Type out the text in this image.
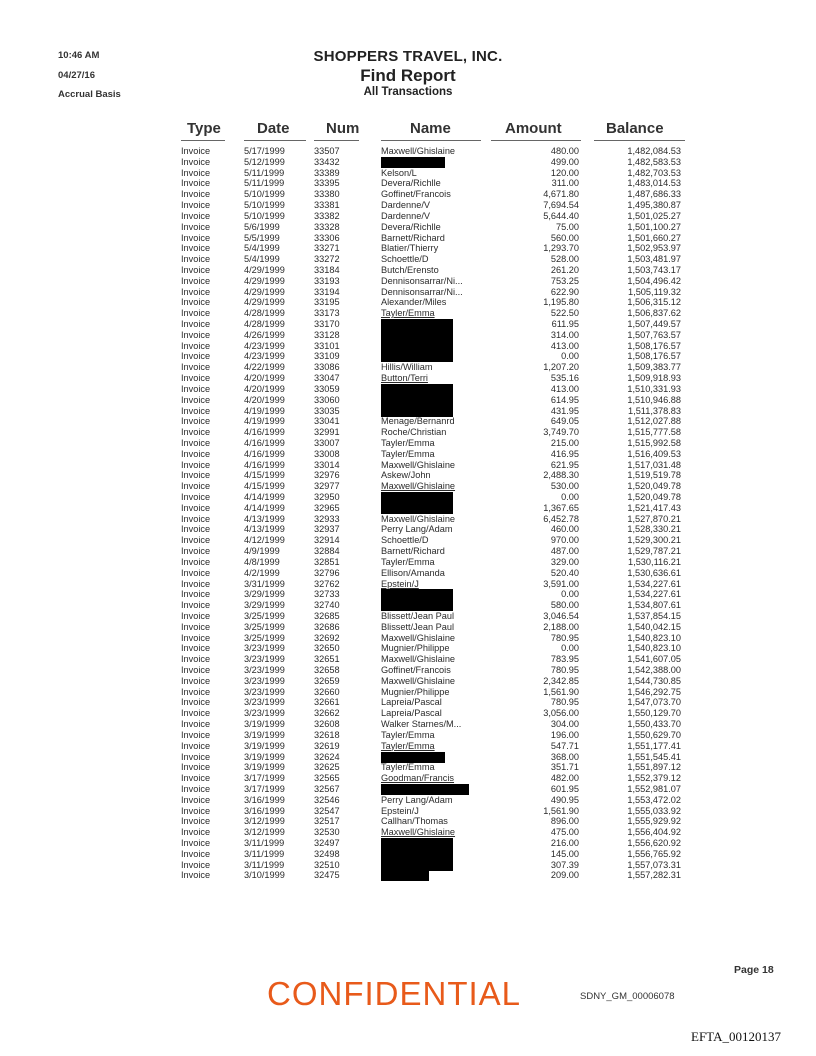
10:46 AM
04/27/16
Accrual Basis
SHOPPERS TRAVEL, INC.
Find Report
All Transactions
Type Date Num	Name	Amount	Balance
Invoice	5/17/1999	33507	Maxwell/Ghislaine	480.00	1,482,084.53
Invoice	5/12/1999	33432	499.00	1,482,583.53
Invoice	5/11/1999	33389	Kelson/L	120.00	1,482,703.53
Invoice	5/11/1999	33395	Devera/Richlle	311.00	1,483,014.53
Invoice	5/10/1999	33380	Goffinet/Francois	4,671.80	1,487,686.33
Invoice	5/10/1999	33381	Dardenne/V	7,694.54	1,495,380.87
Invoice	5/10/1999	33382	Dardenne/V	5,644.40	1,501,025.27
Invoice	5/6/1999	33328	Devera/Richlle	75.00	1,501,100.27
Invoice	5/5/1999	33306	Barnett/Richard	560.00	1,501,660.27
Invoice	5/4/1999	33271	Blatier/Thierry	1,293.70	1,502,953.97
Invoice	5/4/1999	33272	Schoettle/D	528.00	1,503,481.97
Invoice	4/29/1999	33184	Butch/Erensto	261.20	1,503,743.17
Invoice	4/29/1999	33193	Dennisonsarrar/Ni...	753.25	1,504,496.42
Invoice	4/29/1999	33194	Dennisonsarrar/Ni...	622.90	1,505,119.32
Invoice	4/29/1999	33195	Alexander/Miles	1,195.80	1,506,315.12
Invoice	4/28/1999	33173	Tayler/Emma	522.50	1,506,837.62
Invoice	4/28/1999	33170	611.95	1,507,449.57
Invoice	4/26/1999	33128	314.00	1,507,763.57
Invoice	4/23/1999	33101	413.00	1,508,176.57
Invoice	4/23/1999	33109	0.00	1,508,176.57
Invoice	4/22/1999	33086	Hillis/William	1,207.20	1,509,383.77
Invoice	4/20/1999	33047	Button/Terri	535.16	1,509,918.93
Invoice	4/20/1999	33059	413.00	1,510,331.93
Invoice	4/20/1999	33060	614.95	1,510,946.88
Invoice	4/19/1999	33035	431.95	1,511,378.83
Invoice	4/19/1999	33041	Menage/Bernanrd	649.05	1,512,027.88
Invoice	4/16/1999	32991	Roche/Christian	3,749.70	1,515,777.58
Invoice	4/16/1999	33007	Tayler/Emma	215.00	1,515,992.58
Invoice	4/16/1999	33008	Tayler/Emma	416.95	1,516,409.53
Invoice	4/16/1999	33014	Maxwell/Ghislaine	621.95	1,517,031.48
Invoice	4/15/1999	32976	Askew/John	2,488.30	1,519,519.78
Invoice	4/15/1999	32977	Maxwell/Ghislaine	530.00	1,520,049.78
Invoice	4/14/1999	32950	0.00	1,520,049.78
Invoice	4/14/1999	32965	1,367.65	1,521,417.43
Invoice	4/13/1999	32933	Maxwell/Ghislaine	6,452.78	1,527,870.21
Invoice	4/13/1999	32937	Perry Lang/Adam	460.00	1,528,330.21
Invoice	4/12/1999	32914	Schoettle/D	970.00	1,529,300.21
Invoice	4/9/1999	32884	Barnett/Richard	487.00	1,529,787.21
Invoice	4/8/1999	32851	Tayler/Emma	329.00	1,530,116.21
Invoice	4/2/1999	32796	Ellison/Amanda	520.40	1,530,636.61
Invoice	3/31/1999	32762	Epstein/J	3,591.00	1,534,227.61
Invoice	3/29/1999	32733	0.00	1,534,227.61
Invoice	3/29/1999	32740	580.00	1,534,807.61
Invoice	3/25/1999	32685	Blissett/Jean Paul	3,046.54	1,537,854.15
Invoice	3/25/1999	32686	Blissett/Jean Paul	2,188.00	1,540,042.15
Invoice	3/25/1999	32692	Maxwell/Ghislaine	780.95	1,540,823.10
Invoice	3/23/1999	32650	Mugnier/Philippe	0.00	1,540,823.10
Invoice	3/23/1999	32651	Maxwell/Ghislaine	783.95	1,541,607.05
Invoice	3/23/1999	32658	Goffinet/Francois	780.95	1,542,388.00
Invoice	3/23/1999	32659	Maxwell/Ghislaine	2,342.85	1,544,730.85
Invoice	3/23/1999	32660	Mugnier/Philippe	1,561.90	1,546,292.75
Invoice	3/23/1999	32661	Lapreia/Pascal	780.95	1,547,073.70
Invoice	3/23/1999	32662	Lapreia/Pascal	3,056.00	1,550,129.70
Invoice	3/19/1999	32608	Walker Starnes/M...	304.00	1,550,433.70
Invoice	3/19/1999	32618	Tayler/Emma	196.00	1,550,629.70
Invoice	3/19/1999	32619	Tayler/Emma	547.71	1,551,177.41
Invoice	3/19/1999	32624	368.00	1,551,545.41
Invoice	3/19/1999	32625	Tayler/Emma	351.71	1,551,897.12
Invoice	3/17/1999	32565	Goodman/Francis	482.00	1,552,379.12
Invoice	3/17/1999	32567	601.95	1,552,981.07
Invoice	3/16/1999	32546	Perry Lang/Adam	490.95	1,553,472.02
Invoice	3/16/1999	32547	Epstein/J	1,561.90	1,555,033.92
Invoice	3/12/1999	32517	Callhan/Thomas	896.00	1,555,929.92
Invoice	3/12/1999	32530	Maxwell/Ghislaine	475.00	1,556,404.92
Invoice	3/11/1999	32497	216.00	1,556,620.92
Invoice	3/11/1999	32498	145.00	1,556,765.92
Invoice	3/11/1999	32510	307.39	1,557,073.31
Invoice	3/10/1999	32475	209.00	1,557,282.31
Page 18
CONFIDENTIAL	SDNY_GM_00006078
EFTA_00120137
